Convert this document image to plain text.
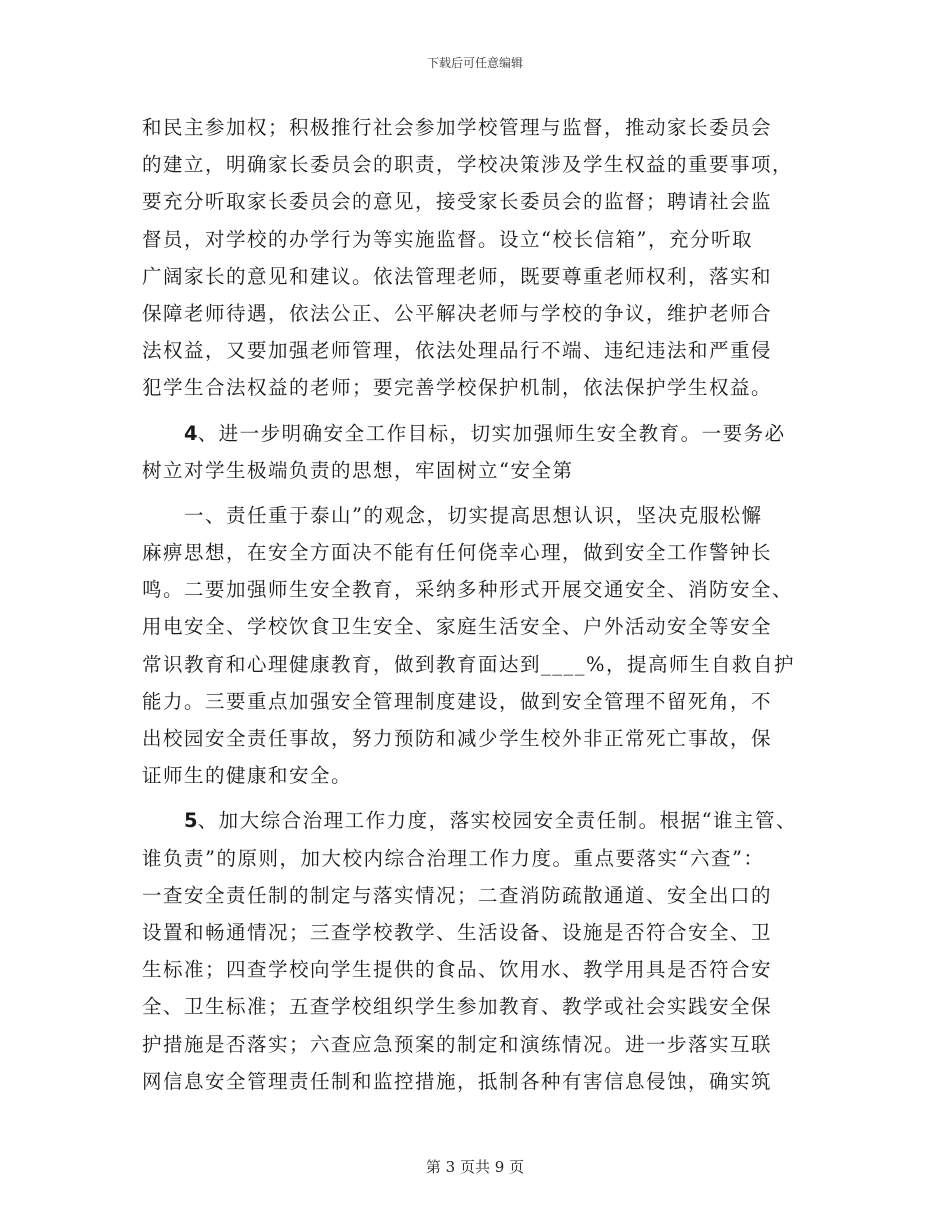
下载后可任意编辑
和民主参加权；积极推行社会参加学校管理与监督，推动家长委员会
的建立，明确家长委员会的职责，学校决策涉及学生权益的重要事项，
要充分听取家长委员会的意见，接受家长委员会的监督；聘请社会监
督员，对学校的办学行为等实施监督。设立“校长信箱”，充分听取
广阔家长的意见和建议。依法管理老师，既要尊重老师权利，落实和
保障老师待遇，依法公正、公平解决老师与学校的争议，维护老师合
法权益，又要加强老师管理，依法处理品行不端、违纪违法和严重侵
犯学生合法权益的老师；要完善学校保护机制，依法保护学生权益。
4、进一步明确安全工作目标，切实加强师生安全教育。一要务必
树立对学生极端负责的思想，牢固树立“安全第
一、责任重于泰山”的观念，切实提高思想认识，坚决克服松懈
麻痹思想，在安全方面决不能有任何侥幸心理，做到安全工作警钟长
鸣。二要加强师生安全教育，采纳多种形式开展交通安全、消防安全、
用电安全、学校饮食卫生安全、家庭生活安全、户外活动安全等安全
常识教育和心理健康教育，做到教育面达到____%，提高师生自救自护
能力。三要重点加强安全管理制度建设，做到安全管理不留死角，不
出校园安全责任事故，努力预防和减少学生校外非正常死亡事故，保
证师生的健康和安全。
5、加大综合治理工作力度，落实校园安全责任制。根据“谁主管、
谁负责”的原则，加大校内综合治理工作力度。重点要落实“六查”：
一查安全责任制的制定与落实情况；二查消防疏散通道、安全出口的
设置和畅通情况；三查学校教学、生活设备、设施是否符合安全、卫
生标准；四查学校向学生提供的食品、饮用水、教学用具是否符合安
全、卫生标准；五查学校组织学生参加教育、教学或社会实践安全保
护措施是否落实；六查应急预案的制定和演练情况。进一步落实互联
网信息安全管理责任制和监控措施，抵制各种有害信息侵蚀，确实筑
第 3 页共 9 页
